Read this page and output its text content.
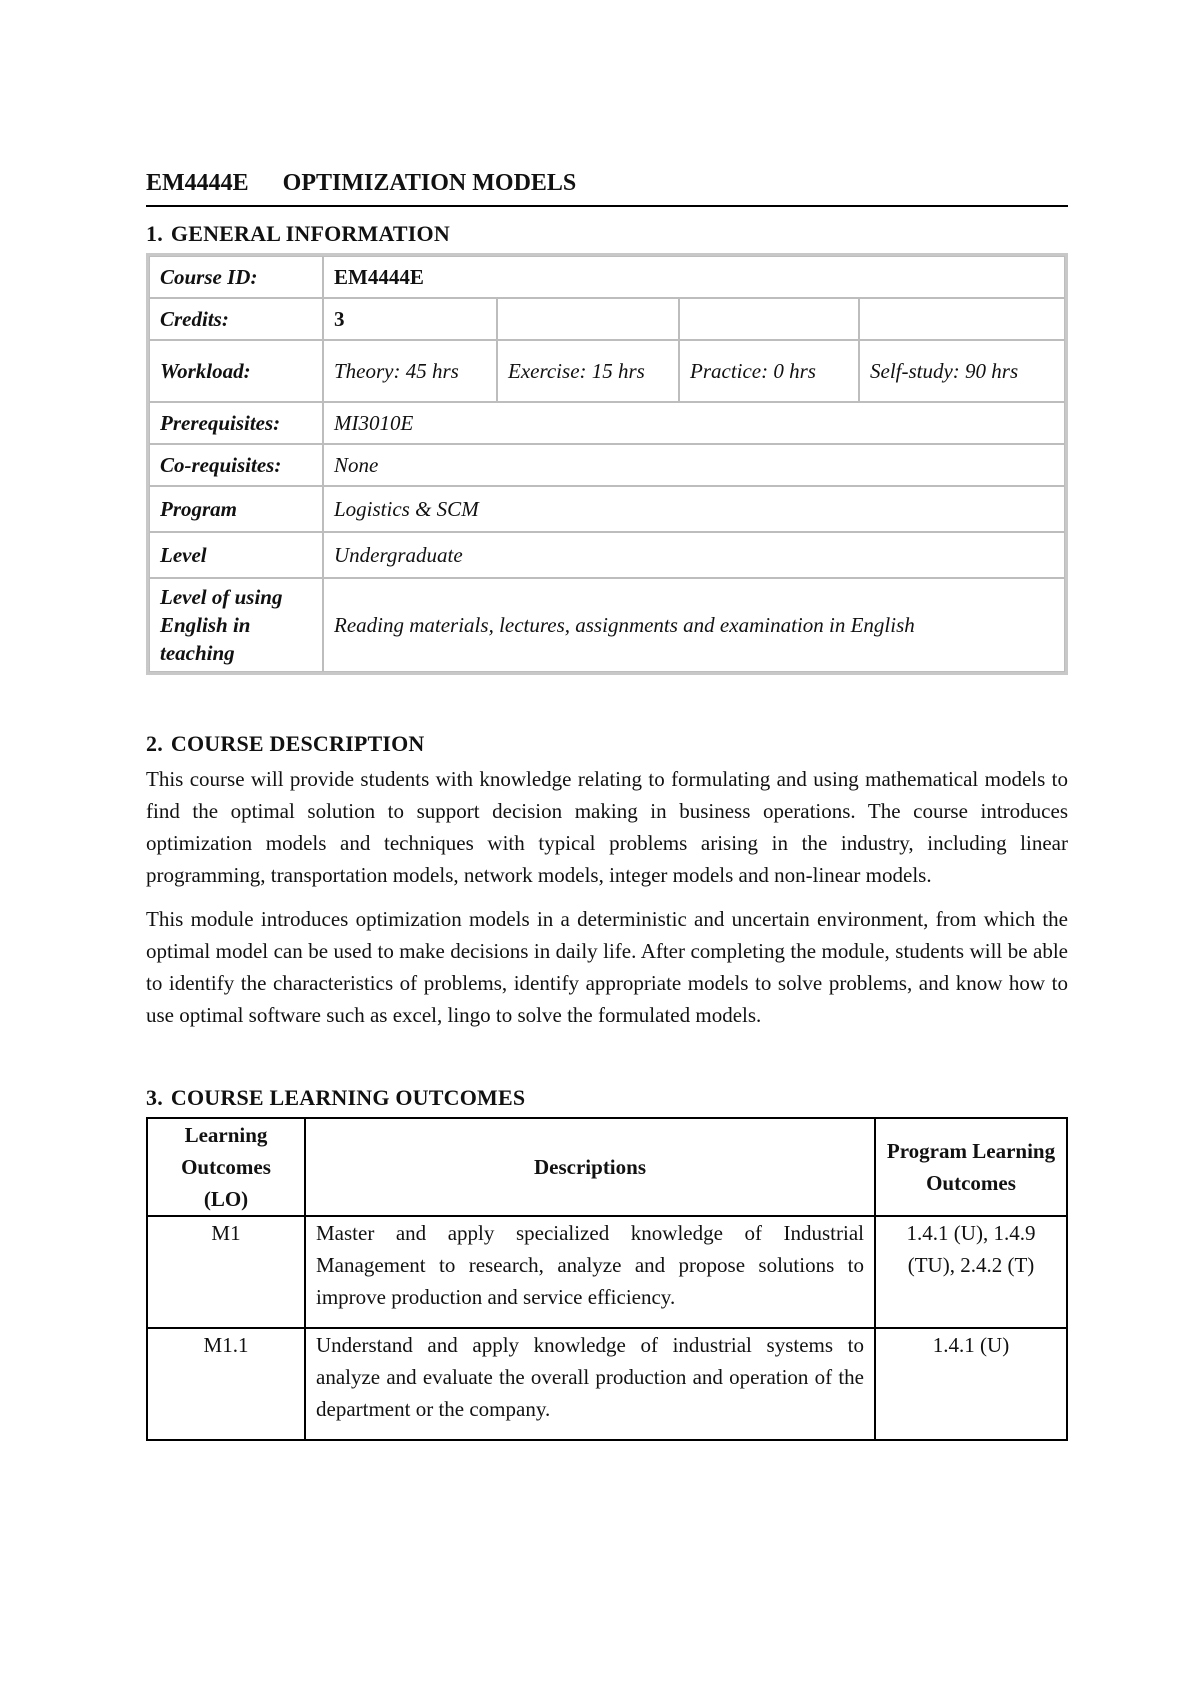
EM4444E OPTIMIZATION MODELS
1. GENERAL INFORMATION
Course ID:	EM4444E			
Credits:	3			
Workload:	Theory: 45 hrs	Exercise: 15 hrs	Practice: 0 hrs	Self-study: 90 hrs
Prerequisites:	MI3010E			
Co-requisites:	None			
Program	Logistics & SCM			
Level	Undergraduate			
Level of using English in teaching	Reading materials, lectures, assignments and examination in English			
2. COURSE DESCRIPTION

This course will provide students with knowledge relating to formulating and using mathematical models to find the optimal solution to support decision making in business operations. The course introduces optimization models and techniques with typical problems arising in the industry, including linear programming, transportation models, network models, integer models and non-linear models.

This module introduces optimization models in a deterministic and uncertain environment, from which the optimal model can be used to make decisions in daily life. After completing the module, students will be able to identify the characteristics of problems, identify appropriate models to solve problems, and know how to use optimal software such as excel, lingo to solve the formulated models.

3. COURSE LEARNING OUTCOMES
Learning Outcomes (LO)	Descriptions	Program Learning Outcomes
M1	Master and apply specialized knowledge of Industrial Management to research, analyze and propose solutions to improve production and service efficiency.	1.4.1 (U), 1.4.9 (TU), 2.4.2 (T)
M1.1	Understand and apply knowledge of industrial systems to analyze and evaluate the overall production and operation of the department or the company.	1.4.1 (U)
